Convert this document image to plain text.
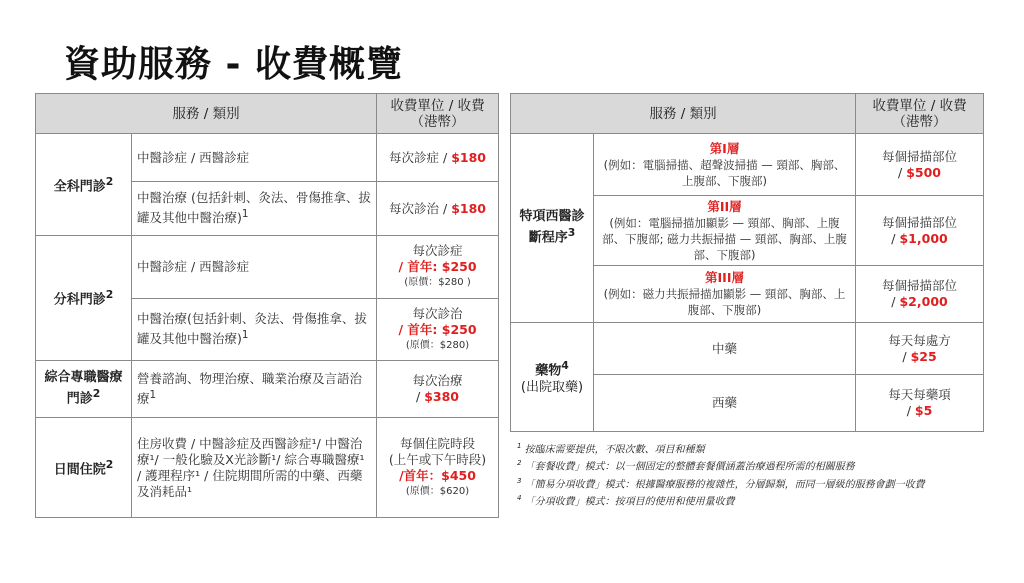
資助服務 - 收費概覽
服務 / 類別		收費單位 / 收費
（港幣）

全科門診$^2$	中醫診症 / 西醫診症	每次診症 / $180
	中醫治療 (包括針刺、灸法、骨傷推拿、拔罐及其他中醫治療)$^1$	每次診治 / $180
分科門診$^2$	中醫診症 / 西醫診症	每次診症
/ 首年: $250
(原價：$280 )

	中醫治療(包括針刺、灸法、骨傷推拿、拔罐及其他中醫治療)$^1$	每次診治
/ 首年: $250
(原價：$280)

綜合專職醫療門診$^2$	營養諮詢、物理治療、職業治療及言語治療$^1$	每次治療
/ $380

日間住院$^2$	住房收費 / 中醫診症及西醫診症¹/ 中醫治療¹/ 一般化驗及X光診斷¹/ 綜合專職醫療¹ / 護理程序¹ / 住院期間所需的中藥、西藥及消耗品¹	每個住院時段
(上午或下午時段)
/首年：$450
(原價：$620)
服務 / 類別		收費單位 / 收費
（港幣）

特項西醫診斷程序$^3$	第I層
(例如：電腦掃描、超聲波掃描 — 頸部、胸部、上腹部、下腹部)	每個掃描部位
/ $500

	第II層
(例如：電腦掃描加顯影 — 頸部、胸部、上腹部、下腹部; 磁力共振掃描 — 頸部、胸部、上腹部、下腹部)	每個掃描部位
/ $1,000

	第III層
(例如：磁力共振掃描加顯影 — 頸部、胸部、上腹部、下腹部)	每個掃描部位
/ $2,000

藥物$^4$
(出院取藥)	中藥	每天每處方
/ $25

	西藥	每天每藥項
/ $5

$^1$ 按臨床需要提供，不限次數、項目和種類

$^2$ 「套餐收費」模式：以一個固定的整體套餐價涵蓋治療過程所需的相關服務

$^3$ 「簡易分項收費」模式：根據醫療服務的複雜性，分層歸類，而同一層級的服務會劃一收費

$^4$ 「分項收費」模式：按項目的使用和使用量收費
